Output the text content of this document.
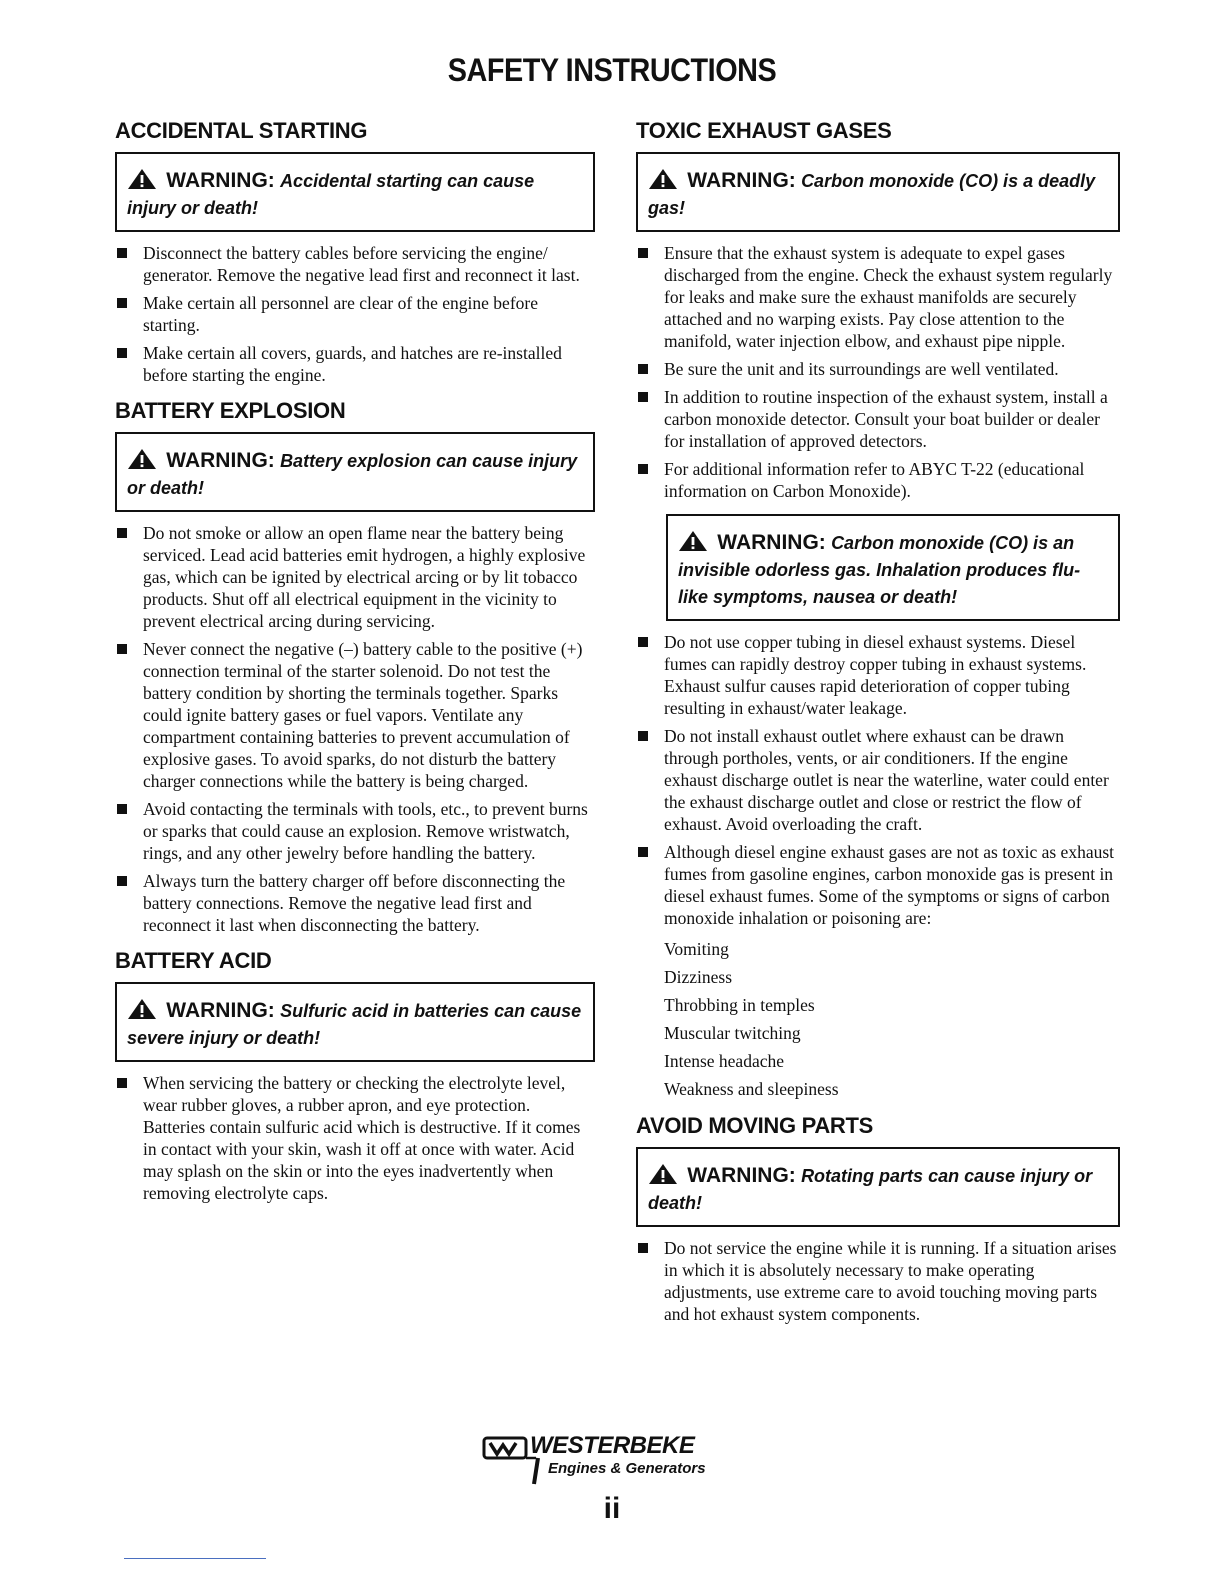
SAFETY INSTRUCTIONS
ACCIDENTAL STARTING
WARNING: Accidental starting can cause injury or death!
Disconnect the battery cables before servicing the engine/ generator. Remove the negative lead first and reconnect it last.
Make certain all personnel are clear of the engine before starting.
Make certain all covers, guards, and hatches are re-installed before starting the engine.
BATTERY EXPLOSION
WARNING: Battery explosion can cause injury or death!
Do not smoke or allow an open flame near the battery being serviced. Lead acid batteries emit hydrogen, a highly explosive gas, which can be ignited by electrical arcing or by lit tobacco products. Shut off all electrical equipment in the vicinity to prevent electrical arcing during servicing.
Never connect the negative (–) battery cable to the positive (+) connection terminal of the starter solenoid. Do not test the battery condition by shorting the terminals together. Sparks could ignite battery gases or fuel vapors. Ventilate any compartment containing batteries to prevent accumulation of explosive gases. To avoid sparks, do not disturb the battery charger connections while the battery is being charged.
Avoid contacting the terminals with tools, etc., to prevent burns or sparks that could cause an explosion. Remove wristwatch, rings, and any other jewelry before handling the battery.
Always turn the battery charger off before disconnecting the battery connections. Remove the negative lead first and reconnect it last when disconnecting the battery.
BATTERY ACID
WARNING: Sulfuric acid in batteries can cause severe injury or death!
When servicing the battery or checking the electrolyte level, wear rubber gloves, a rubber apron, and eye protection. Batteries contain sulfuric acid which is destructive. If it comes in contact with your skin, wash it off at once with water. Acid may splash on the skin or into the eyes inadvertently when removing electrolyte caps.
TOXIC EXHAUST GASES
WARNING: Carbon monoxide (CO) is a deadly gas!
Ensure that the exhaust system is adequate to expel gases discharged from the engine. Check the exhaust system regularly for leaks and make sure the exhaust manifolds are securely attached and no warping exists. Pay close attention to the manifold, water injection elbow, and exhaust pipe nipple.
Be sure the unit and its surroundings are well ventilated.
In addition to routine inspection of the exhaust system, install a carbon monoxide detector. Consult your boat builder or dealer for installation of approved detectors.
For additional information refer to ABYC T-22 (educational information on Carbon Monoxide).
WARNING: Carbon monoxide (CO) is an invisible odorless gas. Inhalation produces flu-like symptoms, nausea or death!
Do not use copper tubing in diesel exhaust systems. Diesel fumes can rapidly destroy copper tubing in exhaust systems. Exhaust sulfur causes rapid deterioration of copper tubing resulting in exhaust/water leakage.
Do not install exhaust outlet where exhaust can be drawn through portholes, vents, or air conditioners. If the engine exhaust discharge outlet is near the waterline, water could enter the exhaust discharge outlet and close or restrict the flow of exhaust. Avoid overloading the craft.
Although diesel engine exhaust gases are not as toxic as exhaust fumes from gasoline engines, carbon monoxide gas is present in diesel exhaust fumes. Some of the symptoms or signs of carbon monoxide inhalation or poisoning are:
Vomiting
Dizziness
Throbbing in temples
Muscular twitching
Intense headache
Weakness and sleepiness
AVOID MOVING PARTS
WARNING: Rotating parts can cause injury or death!
Do not service the engine while it is running. If a situation arises in which it is absolutely necessary to make operating adjustments, use extreme care to avoid touching moving parts and hot exhaust system components.
WESTERBEKE
Engines & Generators
ii
